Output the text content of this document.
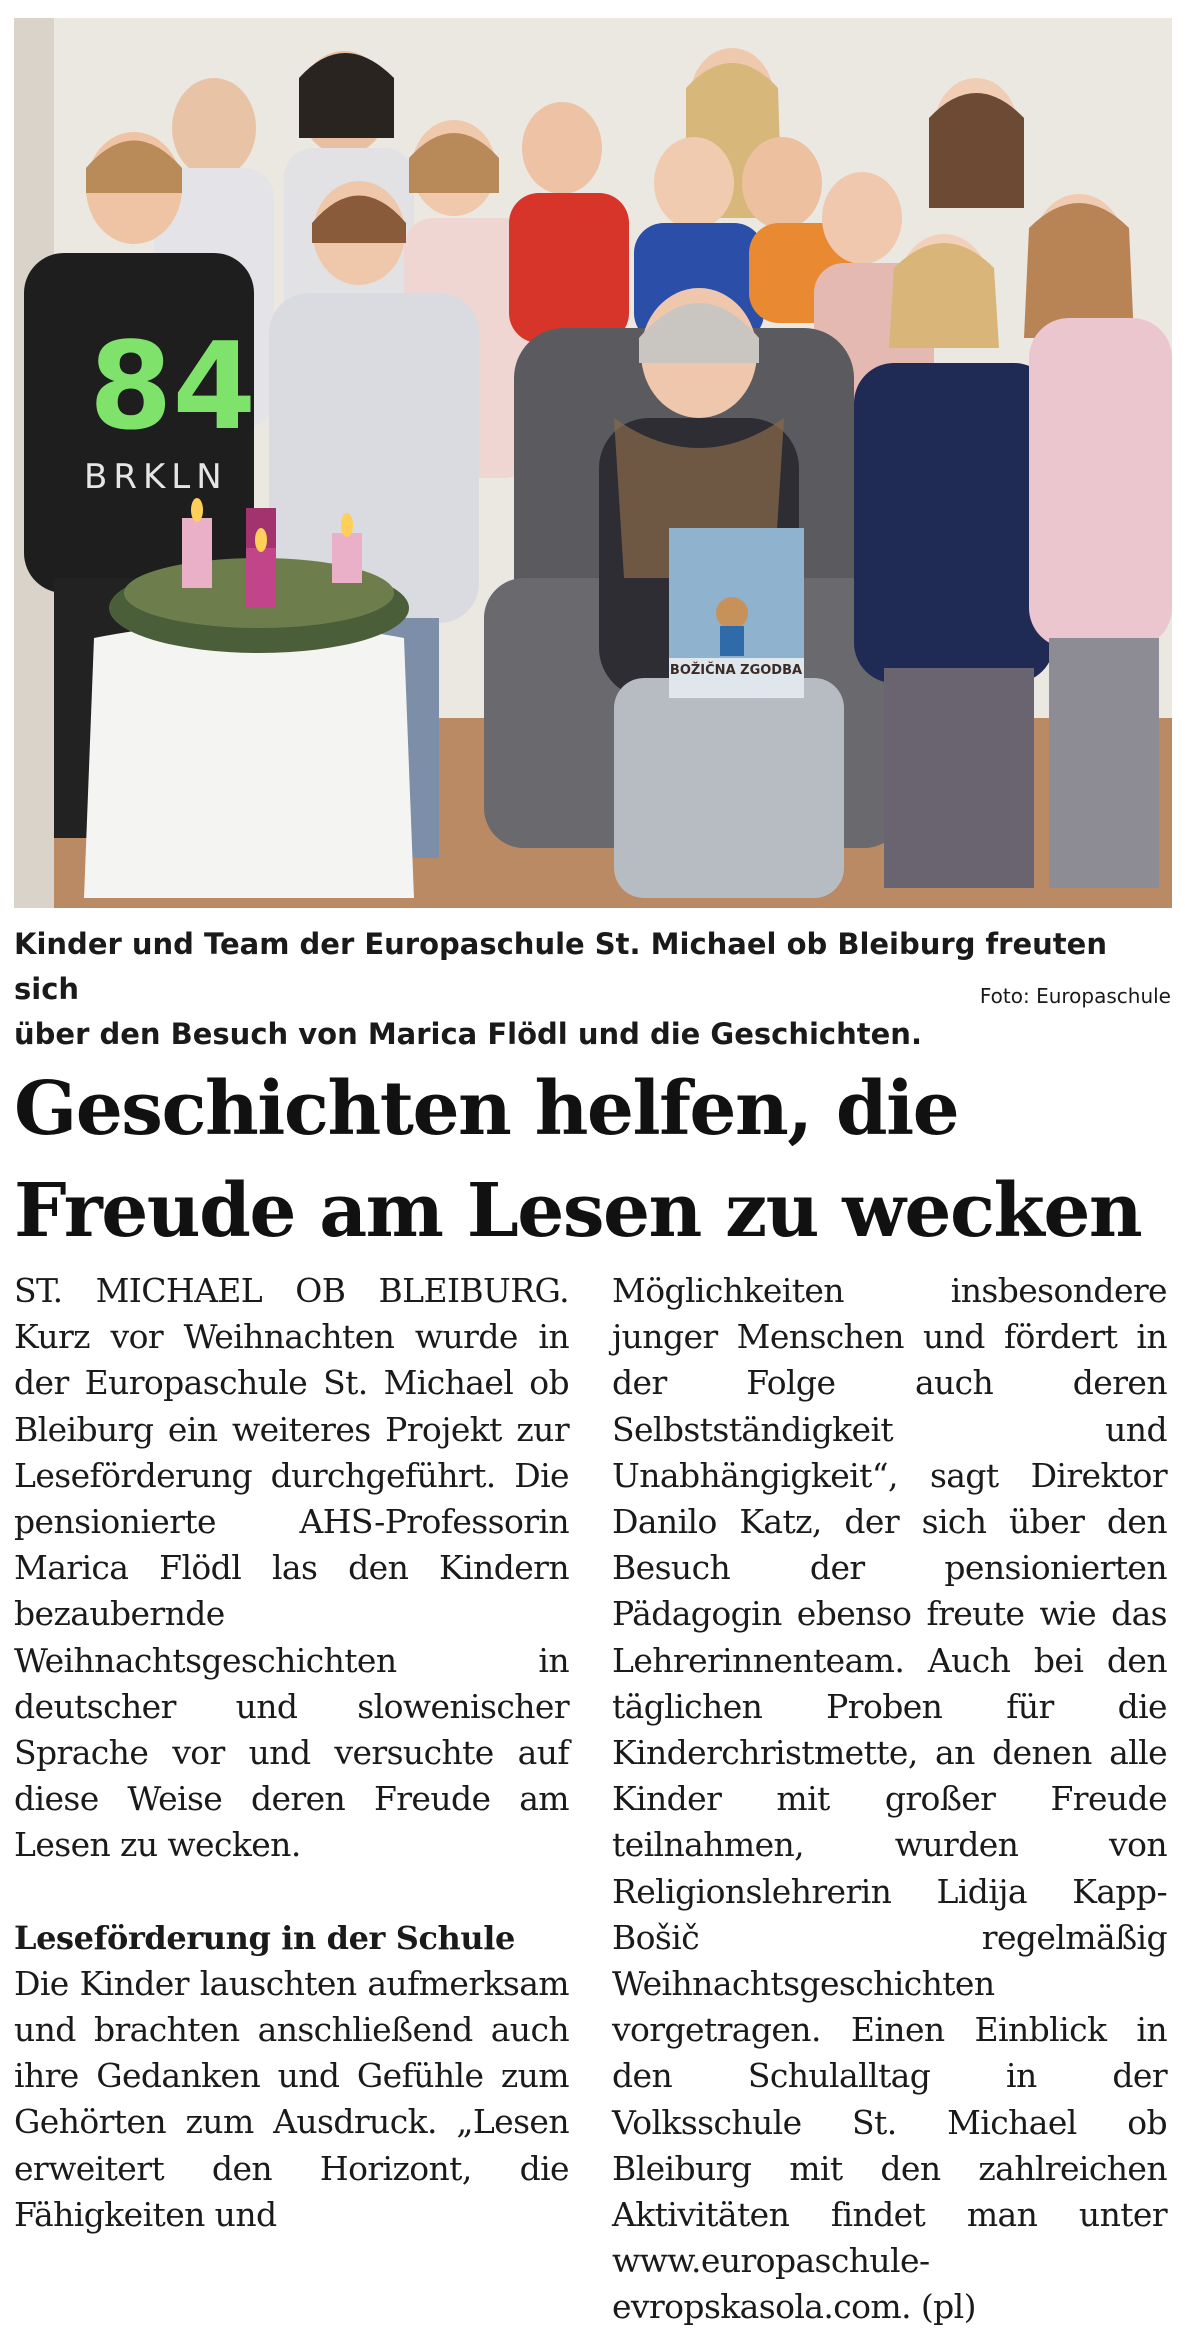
84
BRKLN
BOŽIČNA ZGODBA
Kinder und Team der Europaschule St. Michael ob Bleiburg freuten sich
über den Besuch von Marica Flödl und die Geschichten.
Foto: Europaschule
Geschichten helfen, die
Freude am Lesen zu wecken

ST. MICHAEL OB BLEIBURG. Kurz vor Weihnachten wurde in der Europaschule St. Michael ob Bleiburg ein weiteres Projekt zur Leseförderung durchgeführt. Die pensionierte AHS-Professorin Marica Flödl las den Kindern bezaubernde Weihnachtsgeschichten in deutscher und slowenischer Sprache vor und versuchte auf diese Weise deren Freude am Lesen zu wecken.

Leseförderung in der Schule

Die Kinder lauschten aufmerksam und brachten anschließend auch ihre Gedanken und Gefühle zum Gehörten zum Ausdruck. „Lesen erweitert den Horizont, die Fähigkeiten und

Möglichkeiten insbesondere junger Menschen und fördert in der Folge auch deren Selbstständigkeit und Unabhängigkeit“, sagt Direktor Danilo Katz, der sich über den Besuch der pensionierten Pädagogin ebenso freute wie das Lehrerinnenteam. Auch bei den täglichen Proben für die Kinderchristmette, an denen alle Kinder mit großer Freude teilnahmen, wurden von Religionslehrerin Lidija Kapp-Bošič regelmäßig Weihnachtsgeschichten vorgetragen. Einen Einblick in den Schulalltag in der Volksschule St. Michael ob Bleiburg mit den zahlreichen Aktivitäten findet man unter www.europaschule-evropskasola.com. (pl)
